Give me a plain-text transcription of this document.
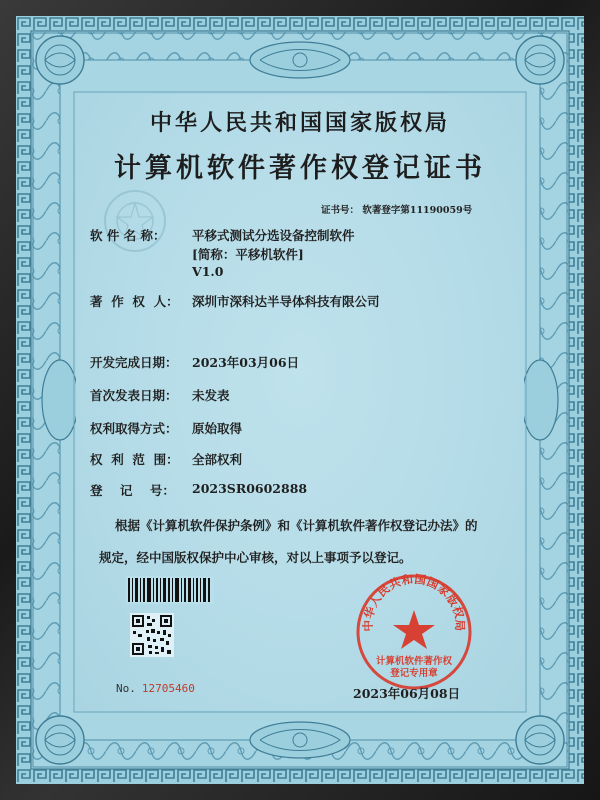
中华人民共和国国家版权局
计算机软件著作权登记证书
证书号： 软著登字第11190059号
软 件 名 称： 平移式测试分选设备控制软件
[简称：平移机软件]
V1.0
著  作  权  人： 深圳市深科达半导体科技有限公司
开发完成日期： 2023年03月06日
首次发表日期： 未发表
权利取得方式： 原始取得
权  利  范  围： 全部权利
登    记    号： 2023SR0602888
根据《计算机软件保护条例》和《计算机软件著作权登记办法》的
规定，经中国版权保护中心审核，对以上事项予以登记。
中华人民共和国国家版权局
计算机软件著作权
登记专用章
No. 12705460	2023年06月08日
